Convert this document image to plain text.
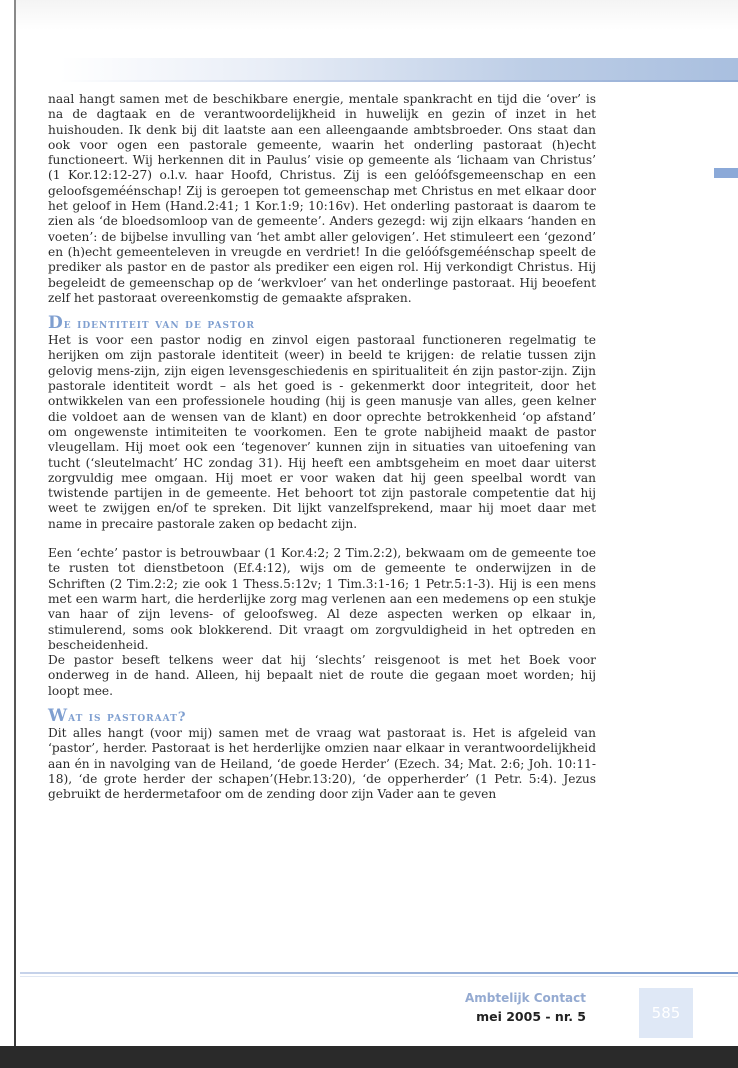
naal hangt samen met de beschikbare energie, mentale spankracht en tijd die ‘over’ is na de dagtaak en de verantwoordelijkheid in huwelijk en gezin of inzet in het huishouden. Ik denk bij dit laatste aan een alleengaande ambtsbroeder. Ons staat dan ook voor ogen een pastorale gemeente, waarin het onderling pastoraat (h)echt functioneert. Wij herkennen dit in Paulus’ visie op gemeente als ‘lichaam van Christus’ (1 Kor.12:12-27) o.l.v. haar Hoofd, Christus. Zij is een gelóófsgemeenschap en een geloofsgeméénschap! Zij is geroepen tot gemeenschap met Christus en met elkaar door het geloof in Hem (Hand.2:41; 1 Kor.1:9; 10:16v). Het onderling pastoraat is daarom te zien als ‘de bloedsomloop van de gemeente’. Anders gezegd: wij zijn elkaars ‘handen en voeten’: de bijbelse invulling van ‘het ambt aller gelovigen’. Het stimuleert een ‘gezond’ en (h)echt gemeenteleven in vreugde en verdriet! In die gelóófsgeméénschap speelt de prediker als pastor en de pastor als prediker een eigen rol. Hij verkondigt Christus. Hij begeleidt de gemeenschap op de ‘werkvloer’ van het onderlinge pastoraat. Hij beoefent zelf het pastoraat overeenkomstig de gemaakte afspraken.

De identiteit van de pastor

Het is voor een pastor nodig en zinvol eigen pastoraal functioneren regelmatig te herijken om zijn pastorale identiteit (weer) in beeld te krijgen: de relatie tussen zijn gelovig mens-zijn, zijn eigen levensgeschiedenis en spiritualiteit én zijn pastor-zijn. Zijn pastorale identiteit wordt – als het goed is - gekenmerkt door integriteit, door het ontwikkelen van een professionele houding (hij is geen manusje van alles, geen kelner die voldoet aan de wensen van de klant) en door oprechte betrokkenheid ‘op afstand’ om ongewenste intimiteiten te voorkomen. Een te grote nabijheid maakt de pastor vleugellam. Hij moet ook een ‘tegenover’ kunnen zijn in situaties van uitoefening van tucht (‘sleutelmacht’ HC zondag 31). Hij heeft een ambtsgeheim en moet daar uiterst zorgvuldig mee omgaan. Hij moet er voor waken dat hij geen speelbal wordt van twistende partijen in de gemeente. Het behoort tot zijn pastorale competentie dat hij weet te zwijgen en/of te spreken. Dit lijkt vanzelfsprekend, maar hij moet daar met name in precaire pastorale zaken op bedacht zijn.

Een ‘echte’ pastor is betrouwbaar (1 Kor.4:2; 2 Tim.2:2), bekwaam om de gemeente toe te rusten tot dienstbetoon (Ef.4:12), wijs om de gemeente te onderwijzen in de Schriften (2 Tim.2:2; zie ook 1 Thess.5:12v; 1 Tim.3:1-16; 1 Petr.5:1-3). Hij is een mens met een warm hart, die herderlijke zorg mag verlenen aan een medemens op een stukje van haar of zijn levens- of geloofsweg. Al deze aspecten werken op elkaar in, stimulerend, soms ook blokkerend. Dit vraagt om zorgvuldigheid in het optreden en bescheidenheid.

De pastor beseft telkens weer dat hij ‘slechts’ reisgenoot is met het Boek voor onderweg in de hand. Alleen, hij bepaalt niet de route die gegaan moet worden; hij loopt mee.

Wat is pastoraat?

Dit alles hangt (voor mij) samen met de vraag wat pastoraat is. Het is afgeleid van ‘pastor’, herder. Pastoraat is het herderlijke omzien naar elkaar in verantwoordelijkheid aan én in navolging van de Heiland, ‘de goede Herder’ (Ezech. 34; Mat. 2:6; Joh. 10:11-18), ‘de grote herder der schapen’(Hebr.13:20), ‘de opperherder’ (1 Petr. 5:4). Jezus gebruikt de herdermetafoor om de zending door zijn Vader aan te geven

Ambtelijk Contact
mei 2005 - nr. 5	585
